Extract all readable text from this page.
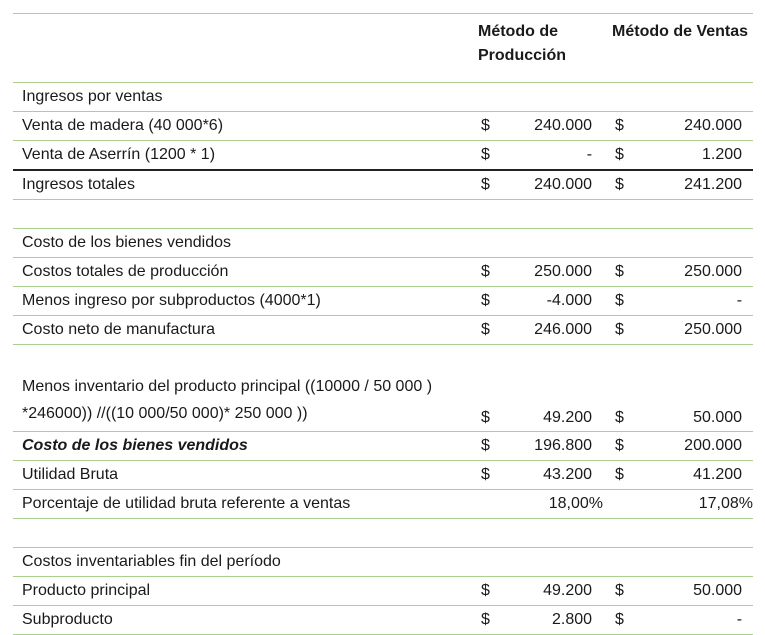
	Método de Producción		Método de Ventas	
Ingresos por ventas				
Venta de madera (40 000*6)	$	240.000	$	240.000
Venta de Aserrín (1200 * 1)	$	-	$	1.200
Ingresos totales	$	240.000	$	241.200

Costo de los bienes vendidos				
Costos totales de producción	$	250.000	$	250.000
Menos ingreso por subproductos (4000*1)	$	-4.000	$	-
Costo neto de manufactura	$	246.000	$	250.000
Menos inventario del producto principal ((10000 / 50 000 ) *246000)) //((10 000/50 000)* 250 000 ))	$	49.200	$	50.000
Costo de los bienes vendidos	$	196.800	$	200.000
Utilidad Bruta	$	43.200	$	41.200
Porcentaje de utilidad bruta referente a ventas		18,00%		17,08%

Costos inventariables fin del período				
Producto principal	$	49.200	$	50.000
Subproducto	$	2.800	$	-
